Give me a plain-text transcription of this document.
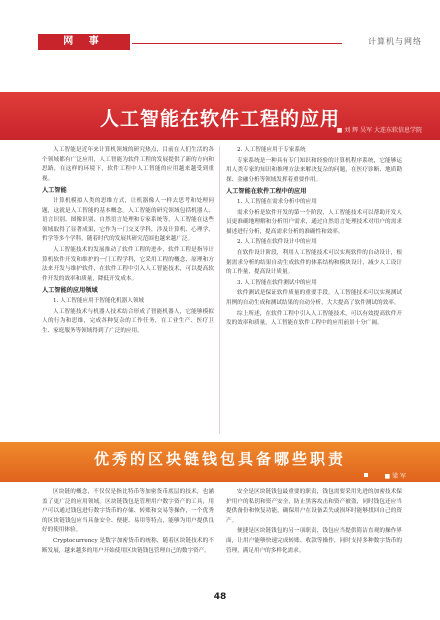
网 事	计算机与网络
人工智能在软件工程的应用
■ 刘 辉 吴军 大连东软信息学院

人工智能是近年来计算机领域的研究热点，目前在人们生活的各个领域都有广泛应用，人工智能为软件工程的发展提供了新的方向和思路，在这样的环境下，软件工程中人工智能的应用越来越受到重视。

人工智能

计算机模拟人类的思维方式，让机器像人一样去思考和处理问题，这就是人工智能的基本概念。人工智能的研究领域包括机器人、语言识别、图像识别、自然语言处理和专家系统等，人工智能在这些领域取得了显著成果，它作为一门交叉学科，涉及计算机、心理学、哲学等多个学科，随着时代的发展其研究范围也越来越广泛。

人工智能技术的发展推动了软件工程的进步，软件工程是指导计算机软件开发和维护的一门工程学科，它采用工程的概念、原理和方法来开发与维护软件，在软件工程中引入人工智能技术，可以提高软件开发的效率和质量，降低开发成本。

人工智能的应用领域

1. 人工智能应用于智能化机器人领域

人工智能技术与机器人技术结合形成了智能机器人，它能够模拟人的行为和思维，完成各种复杂的工作任务，在工业生产、医疗卫生、家庭服务等领域得到了广泛的应用。

2. 人工智能应用于专家系统

专家系统是一种具有专门知识和经验的计算机程序系统，它能够运用人类专家的知识和推理方法来解决复杂的问题，在医疗诊断、地质勘探、金融分析等领域发挥着重要作用。

人工智能在软件工程中的应用

1. 人工智能在需求分析中的应用

需求分析是软件开发的第一个阶段，人工智能技术可以帮助开发人员更准确地理解和分析用户需求，通过自然语言处理技术对用户的需求描述进行分析，提高需求分析的准确性和效率。

2. 人工智能在软件设计中的应用

在软件设计阶段，利用人工智能技术可以实现软件的自动设计，根据需求分析的结果自动生成软件的体系结构和模块设计，减少人工设计的工作量，提高设计质量。

3. 人工智能在软件测试中的应用

软件测试是保证软件质量的重要手段，人工智能技术可以实现测试用例的自动生成和测试结果的自动分析，大大提高了软件测试的效率。

综上所述，在软件工程中引入人工智能技术，可以有效提高软件开发的效率和质量，人工智能在软件工程中的应用前景十分广阔。

优秀的区块链钱包具备哪些职责
■ 梁 军

区块链的概念，不仅仅是指比特币等加密货币底层的技术，也涵盖了更广泛的应用领域。区块链钱包是管理用户数字资产的工具，用户可以通过钱包进行数字货币的存储、转账和交易等操作，一个优秀的区块链钱包应当具备安全、便捷、易用等特点，能够为用户提供良好的使用体验。

Cryptocurrency 是数字加密货币的统称，随着区块链技术的不断发展，越来越多的用户开始使用区块链钱包管理自己的数字资产。

安全是区块链钱包最重要的职责，钱包需要采用先进的加密技术保护用户的私钥和资产安全，防止黑客攻击和资产被盗，同时钱包还应当提供备份和恢复功能，确保用户在设备丢失或损坏时能够找回自己的资产。

便捷是区块链钱包的另一项职责，钱包应当提供简洁直观的操作界面，让用户能够快速完成转账、收款等操作，同时支持多种数字货币的管理，满足用户的多样化需求。

48
